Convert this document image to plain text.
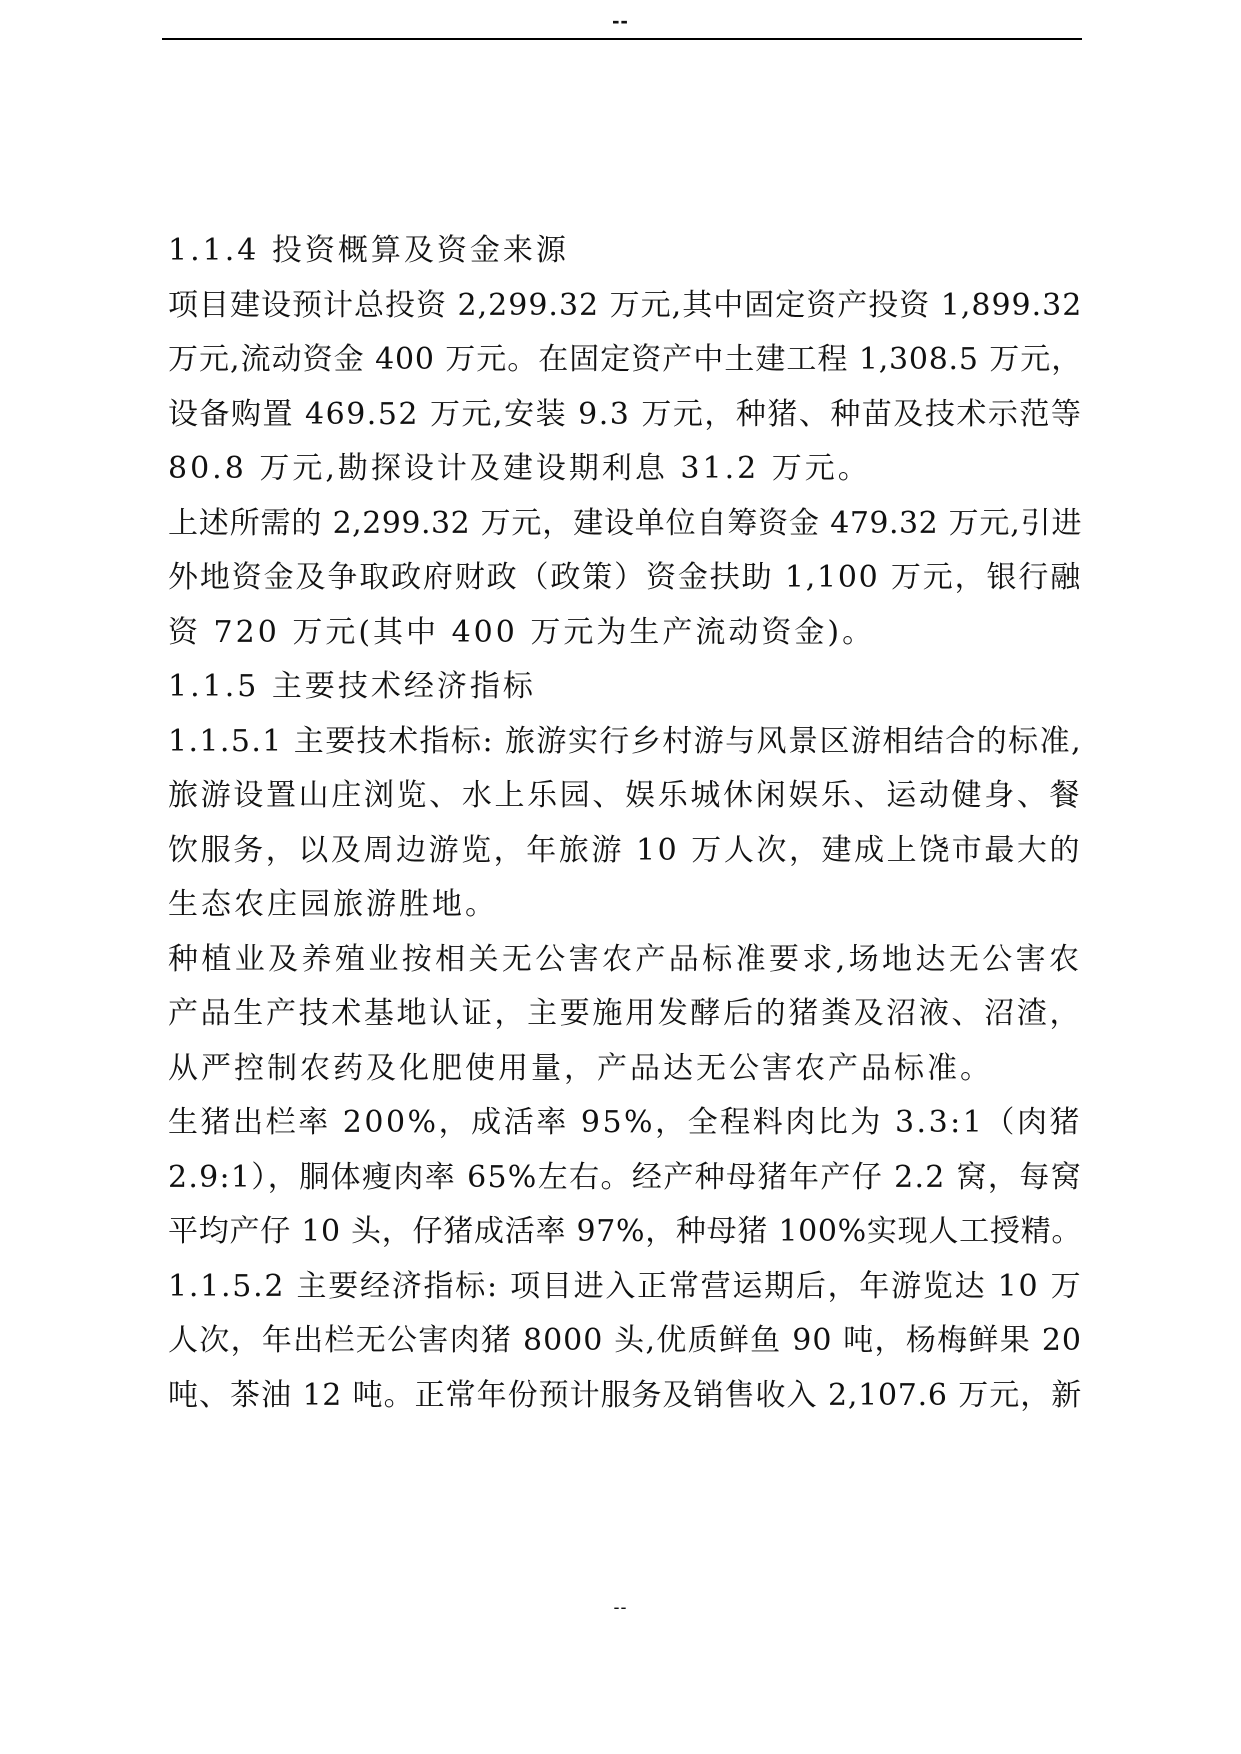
--
1.1.4 投资概算及资金来源
项目建设预计总投资 2,299.32 万元,其中固定资产投资 1,899.32
万元,流动资金 400 万元。在固定资产中土建工程 1,308.5 万元，
设备购置 469.52 万元,安装 9.3 万元，种猪、种苗及技术示范等
80.8 万元,勘探设计及建设期利息 31.2 万元。
上述所需的 2,299.32 万元，建设单位自筹资金 479.32 万元,引进
外地资金及争取政府财政（政策）资金扶助 1,100 万元，银行融
资 720 万元(其中 400 万元为生产流动资金)。
1.1.5 主要技术经济指标
1.1.5.1 主要技术指标: 旅游实行乡村游与风景区游相结合的标准,
旅游设置山庄浏览、水上乐园、娱乐城休闲娱乐、运动健身、餐
饮服务，以及周边游览，年旅游 10 万人次，建成上饶市最大的
生态农庄园旅游胜地。
种植业及养殖业按相关无公害农产品标准要求,场地达无公害农
产品生产技术基地认证，主要施用发酵后的猪粪及沼液、沼渣，
从严控制农药及化肥使用量，产品达无公害农产品标准。
生猪出栏率 200%，成活率 95%，全程料肉比为 3.3:1（肉猪
2.9:1），胴体瘦肉率 65%左右。经产种母猪年产仔 2.2 窝，每窝
平均产仔 10 头，仔猪成活率 97%，种母猪 100%实现人工授精。
1.1.5.2 主要经济指标: 项目进入正常营运期后，年游览达 10 万
人次，年出栏无公害肉猪 8000 头,优质鲜鱼 90 吨，杨梅鲜果 20
吨、茶油 12 吨。正常年份预计服务及销售收入 2,107.6 万元，新
--
